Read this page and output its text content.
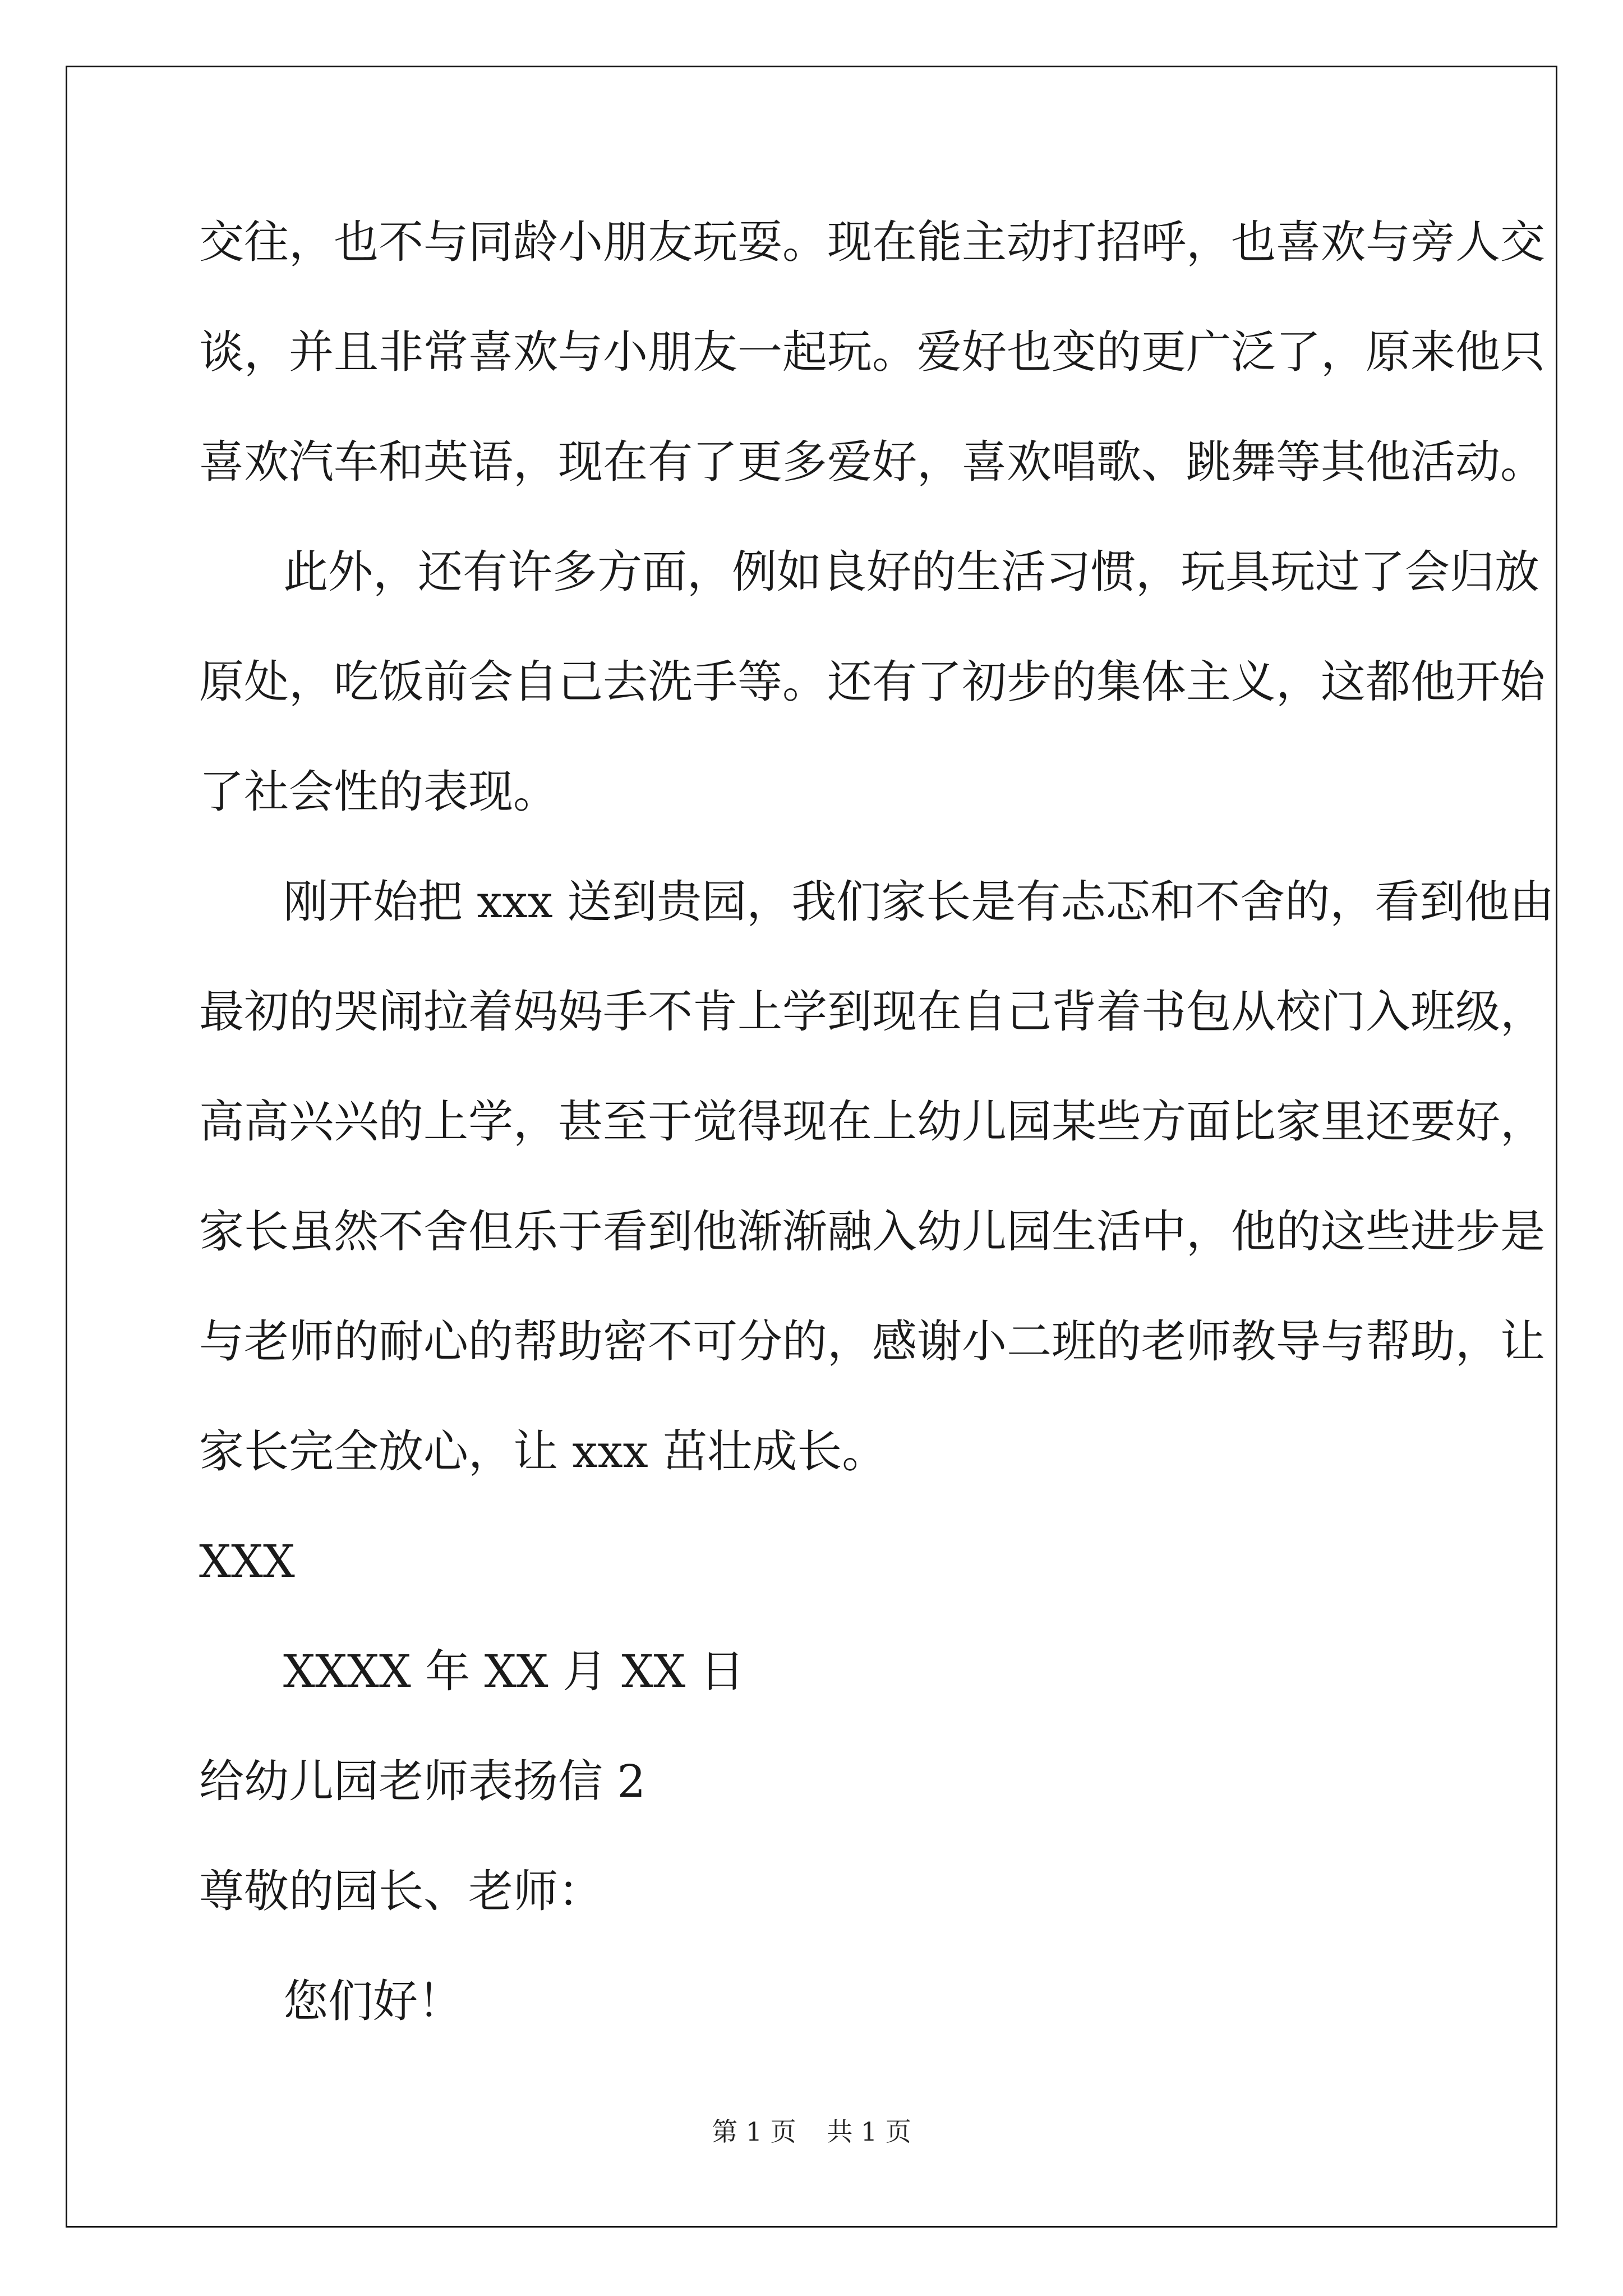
交往，也不与同龄小朋友玩耍。现在能主动打招呼，也喜欢与旁人交
谈，并且非常喜欢与小朋友一起玩。爱好也变的更广泛了，原来他只
喜欢汽车和英语，现在有了更多爱好，喜欢唱歌、跳舞等其他活动。
此外，还有许多方面，例如良好的生活习惯，玩具玩过了会归放
原处，吃饭前会自己去洗手等。还有了初步的集体主义，这都他开始
了社会性的表现。
刚开始把 xxx 送到贵园，我们家长是有忐忑和不舍的，看到他由
最初的哭闹拉着妈妈手不肯上学到现在自己背着书包从校门入班级，
高高兴兴的上学，甚至于觉得现在上幼儿园某些方面比家里还要好，
家长虽然不舍但乐于看到他渐渐融入幼儿园生活中，他的这些进步是
与老师的耐心的帮助密不可分的，感谢小二班的老师教导与帮助，让
家长完全放心，让 xxx 茁壮成长。
XXX
XXXX 年 XX 月 XX 日
给幼儿园老师表扬信 2
尊敬的园长、老师：
您们好！
第 1 页 共 1 页
